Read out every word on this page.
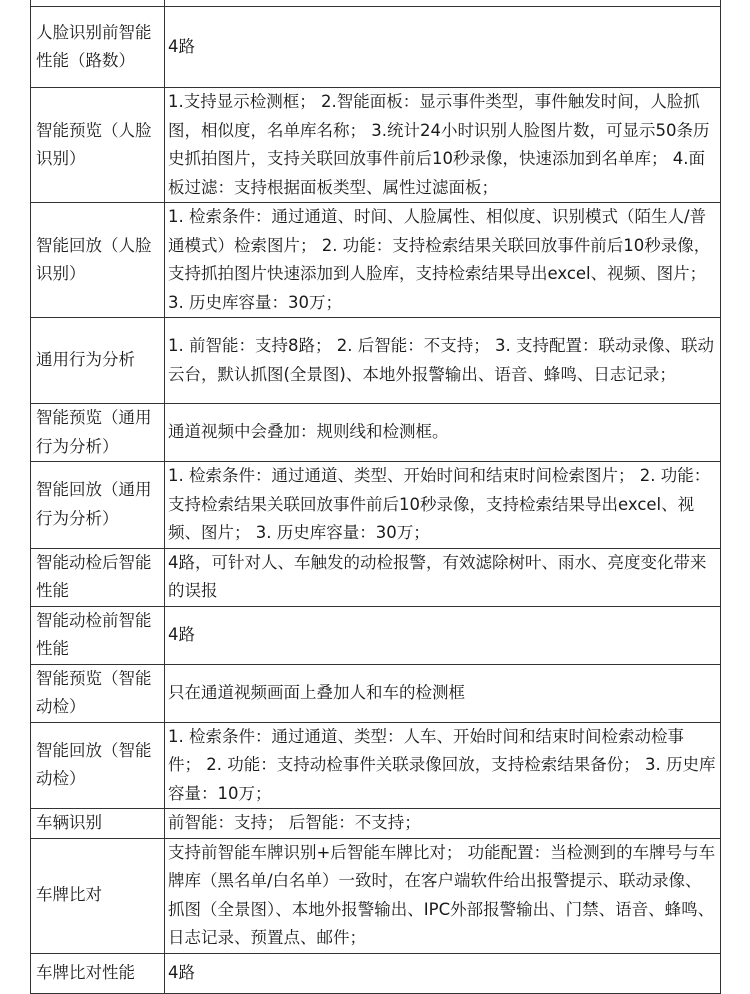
人脸识别前智能性能（路数）	4路
智能预览（人脸识别）	1.支持显示检测框； 2.智能面板：显示事件类型，事件触发时间，人脸抓图，相似度，名单库名称； 3.统计24小时识别人脸图片数，可显示50条历史抓拍图片，支持关联回放事件前后10秒录像，快速添加到名单库； 4.面板过滤：支持根据面板类型、属性过滤面板；
智能回放（人脸识别）	1. 检索条件：通过通道、时间、人脸属性、相似度、识别模式（陌生人/普通模式）检索图片； 2. 功能：支持检索结果关联回放事件前后10秒录像，支持抓拍图片快速添加到人脸库，支持检索结果导出excel、视频、图片； 3. 历史库容量：30万；
通用行为分析	1. 前智能：支持8路； 2. 后智能：不支持； 3. 支持配置：联动录像、联动云台，默认抓图(全景图)、本地外报警输出、语音、蜂鸣、日志记录；
智能预览（通用行为分析）	通道视频中会叠加：规则线和检测框。
智能回放（通用行为分析）	1. 检索条件：通过通道、类型、开始时间和结束时间检索图片； 2. 功能：支持检索结果关联回放事件前后10秒录像，支持检索结果导出excel、视频、图片； 3. 历史库容量：30万；
智能动检后智能性能	4路，可针对人、车触发的动检报警，有效滤除树叶、雨水、亮度变化带来的误报
智能动检前智能性能	4路
智能预览（智能动检）	只在通道视频画面上叠加人和车的检测框
智能回放（智能动检）	1. 检索条件：通过通道、类型：人车、开始时间和结束时间检索动检事件； 2. 功能：支持动检事件关联录像回放，支持检索结果备份； 3. 历史库容量：10万；
车辆识别	前智能：支持； 后智能：不支持；
车牌比对	支持前智能车牌识别+后智能车牌比对； 功能配置：当检测到的车牌号与车牌库（黑名单/白名单）一致时，在客户端软件给出报警提示、联动录像、抓图（全景图）、本地外报警输出、IPC外部报警输出、门禁、语音、蜂鸣、日志记录、预置点、邮件；
车牌比对性能	4路
